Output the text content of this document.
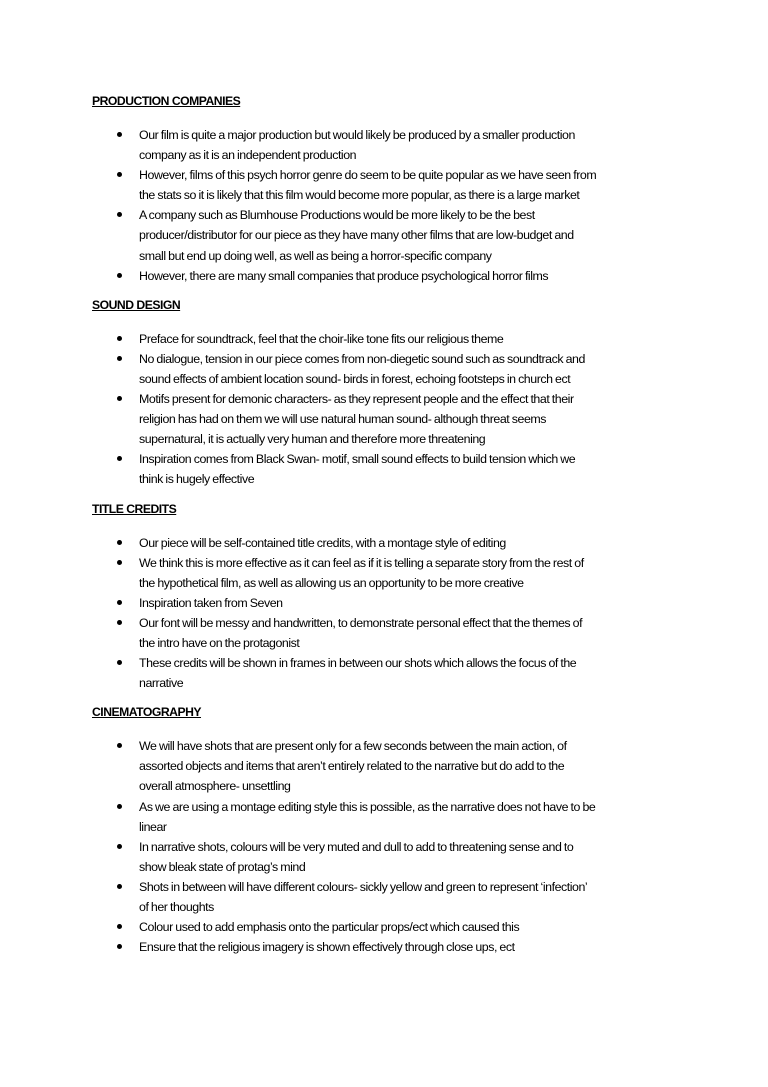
PRODUCTION COMPANIES

Our film is quite a major production but would likely be produced by a smaller production
company as it is an independent production
However, films of this psych horror genre do seem to be quite popular as we have seen from
the stats so it is likely that this film would become more popular, as there is a large market
A company such as Blumhouse Productions would be more likely to be the best
producer/distributor for our piece as they have many other films that are low-budget and
small but end up doing well, as well as being a horror-specific company
However, there are many small companies that produce psychological horror films

SOUND DESIGN

Preface for soundtrack, feel that the choir-like tone fits our religious theme
No dialogue, tension in our piece comes from non-diegetic sound such as soundtrack and
sound effects of ambient location sound- birds in forest, echoing footsteps in church ect
Motifs present for demonic characters- as they represent people and the effect that their
religion has had on them we will use natural human sound- although threat seems
supernatural, it is actually very human and therefore more threatening
Inspiration comes from Black Swan- motif, small sound effects to build tension which we
think is hugely effective

TITLE CREDITS

Our piece will be self-contained title credits, with a montage style of editing
We think this is more effective as it can feel as if it is telling a separate story from the rest of
the hypothetical film, as well as allowing us an opportunity to be more creative
Inspiration taken from Seven
Our font will be messy and handwritten, to demonstrate personal effect that the themes of
the intro have on the protagonist
These credits will be shown in frames in between our shots which allows the focus of the
narrative

CINEMATOGRAPHY

We will have shots that are present only for a few seconds between the main action, of
assorted objects and items that aren’t entirely related to the narrative but do add to the
overall atmosphere- unsettling
As we are using a montage editing style this is possible, as the narrative does not have to be
linear
In narrative shots, colours will be very muted and dull to add to threatening sense and to
show bleak state of protag’s mind
Shots in between will have different colours- sickly yellow and green to represent ‘infection’
of her thoughts
Colour used to add emphasis onto the particular props/ect which caused this
Ensure that the religious imagery is shown effectively through close ups, ect
